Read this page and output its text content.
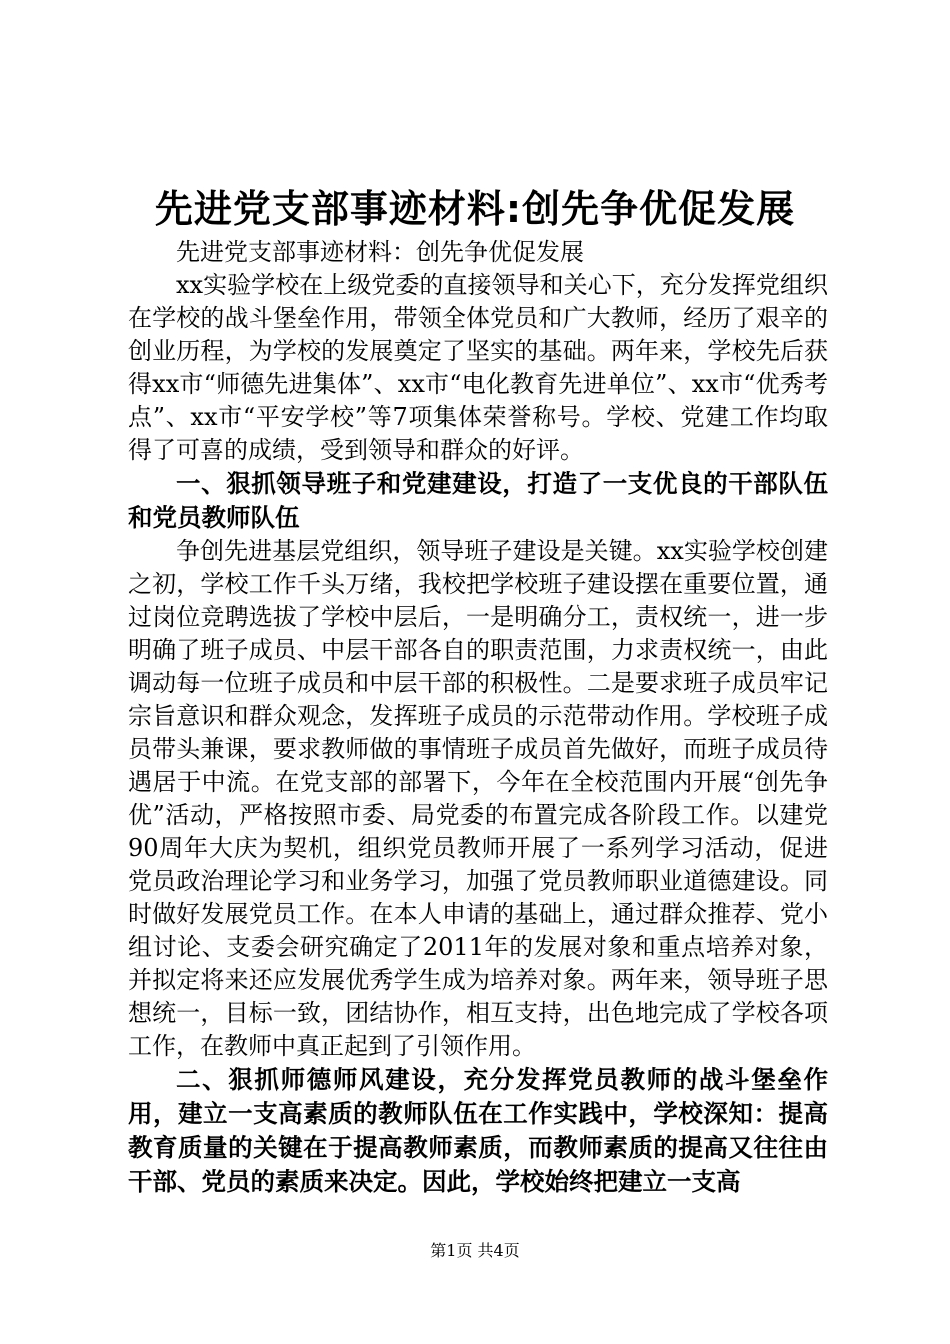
先进党支部事迹材料:创先争优促发展

先进党支部事迹材料：创先争优促发展

xx实验学校在上级党委的直接领导和关心下，充分发挥党组织在学校的战斗堡垒作用，带领全体党员和广大教师，经历了艰辛的创业历程，为学校的发展奠定了坚实的基础。两年来，学校先后获得xx市“师德先进集体”、xx市“电化教育先进单位”、xx市“优秀考点”、xx市“平安学校”等7项集体荣誉称号。学校、党建工作均取得了可喜的成绩，受到领导和群众的好评。

一、狠抓领导班子和党建建设，打造了一支优良的干部队伍和党员教师队伍

争创先进基层党组织，领导班子建设是关键。xx实验学校创建之初，学校工作千头万绪，我校把学校班子建设摆在重要位置，通过岗位竞聘选拔了学校中层后，一是明确分工，责权统一，进一步明确了班子成员、中层干部各自的职责范围，力求责权统一，由此调动每一位班子成员和中层干部的积极性。二是要求班子成员牢记宗旨意识和群众观念，发挥班子成员的示范带动作用。学校班子成员带头兼课，要求教师做的事情班子成员首先做好，而班子成员待遇居于中流。在党支部的部署下，今年在全校范围内开展“创先争优”活动，严格按照市委、局党委的布置完成各阶段工作。以建党90周年大庆为契机，组织党员教师开展了一系列学习活动，促进党员政治理论学习和业务学习，加强了党员教师职业道德建设。同时做好发展党员工作。在本人申请的基础上，通过群众推荐、党小组讨论、支委会研究确定了2011年的发展对象和重点培养对象，并拟定将来还应发展优秀学生成为培养对象。两年来，领导班子思想统一，目标一致，团结协作，相互支持，出色地完成了学校各项工作，在教师中真正起到了引领作用。

二、狠抓师德师风建设，充分发挥党员教师的战斗堡垒作用，建立一支高素质的教师队伍在工作实践中，学校深知：提高教育质量的关键在于提高教师素质，而教师素质的提高又往往由干部、党员的素质来决定。因此，学校始终把建立一支高

第1页 共4页
